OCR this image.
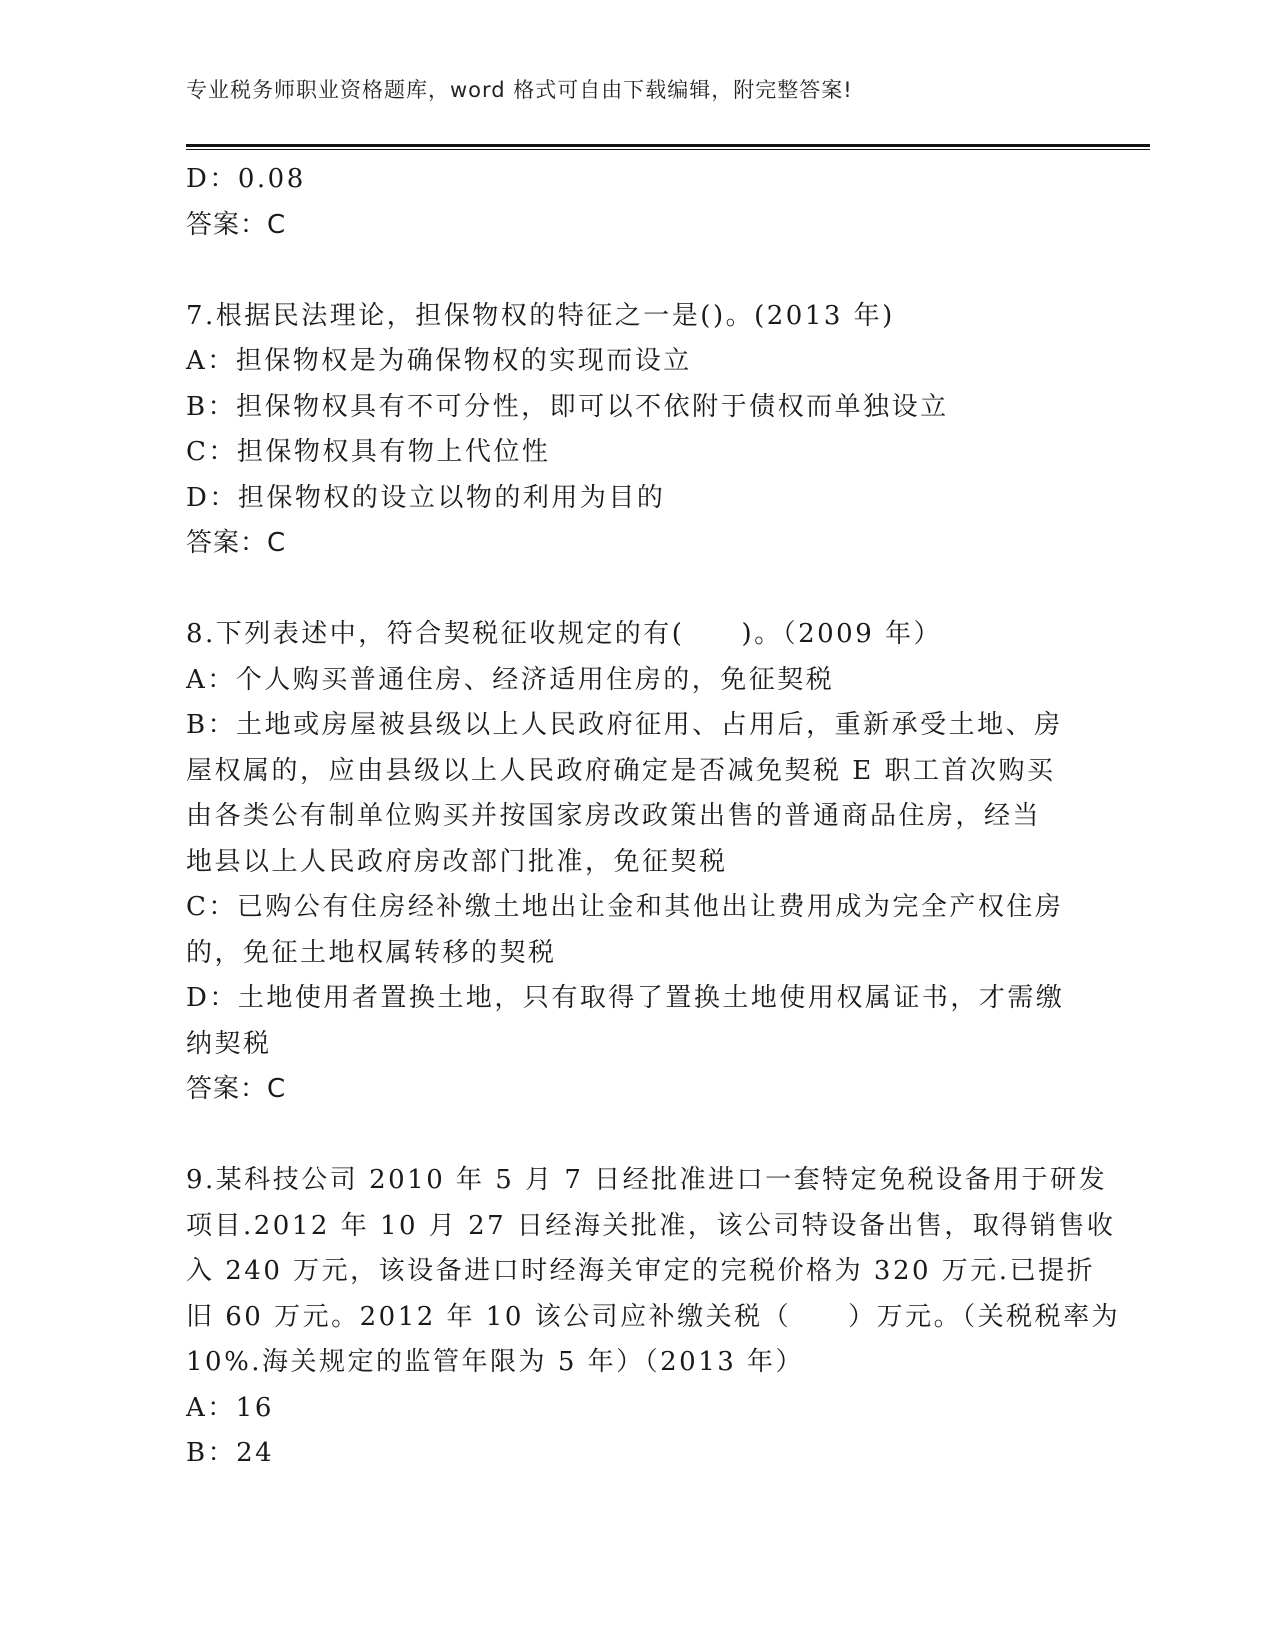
专业税务师职业资格题库，word 格式可自由下载编辑，附完整答案!

D：0.08

答案：C

7.根据民法理论，担保物权的特征之一是()。(2013 年)

A：担保物权是为确保物权的实现而设立

B：担保物权具有不可分性，即可以不依附于债权而单独设立

C：担保物权具有物上代位性

D：担保物权的设立以物的利用为目的

答案：C

8.下列表述中，符合契税征收规定的有(　　)。（2009 年）

A：个人购买普通住房、经济适用住房的，免征契税

B：土地或房屋被县级以上人民政府征用、占用后，重新承受土地、房

屋权属的，应由县级以上人民政府确定是否减免契税 E 职工首次购买

由各类公有制单位购买并按国家房改政策出售的普通商品住房，经当

地县以上人民政府房改部门批准，免征契税

C：已购公有住房经补缴土地出让金和其他出让费用成为完全产权住房

的，免征土地权属转移的契税

D：土地使用者置换土地，只有取得了置换土地使用权属证书，才需缴

纳契税

答案：C

9.某科技公司 2010 年 5 月 7 日经批准进口一套特定免税设备用于研发

项目.2012 年 10 月 27 日经海关批准，该公司特设备出售，取得销售收

入 240 万元，该设备进口时经海关审定的完税价格为 320 万元.已提折

旧 60 万元。2012 年 10 该公司应补缴关税（　　）万元。（关税税率为

10%.海关规定的监管年限为 5 年）（2013 年）

A：16

B：24
